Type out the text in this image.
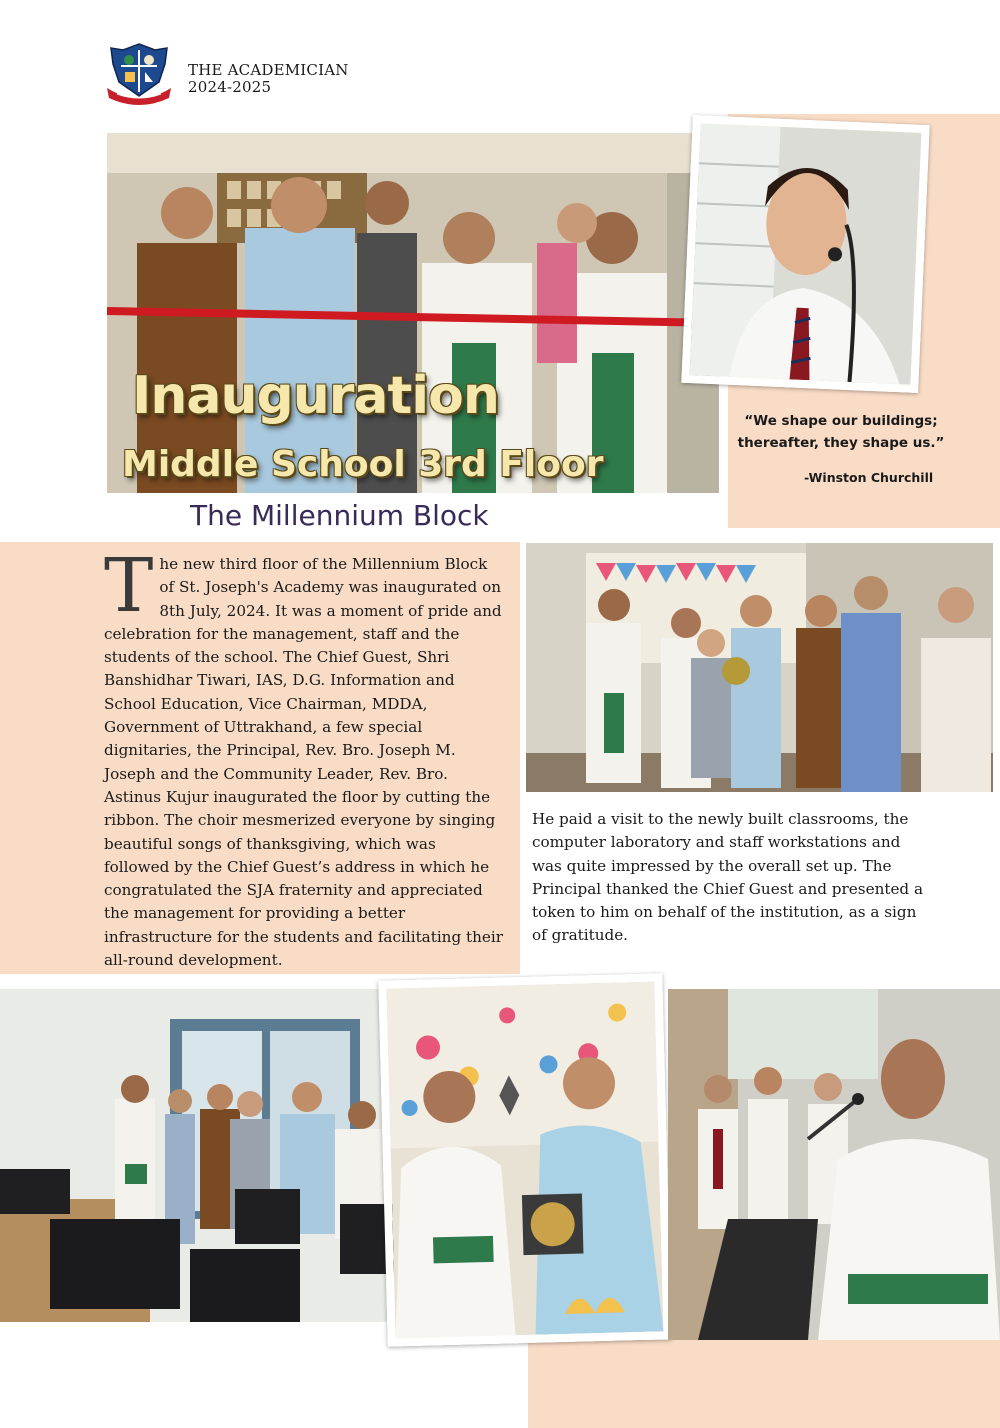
THE ACADEMICIAN
2024-2025
Inauguration
Middle School 3rd Floor
The Millennium Block
“We shape our buildings;
thereafter, they shape us.”
-Winston Churchill
The new third floor of the Millennium Block of St. Joseph's Academy was inaugurated on 8th July, 2024. It was a moment of pride and celebration for the management, staff and the students of the school. The Chief Guest, Shri Banshidhar Tiwari, IAS, D.G. Information and School Education, Vice Chairman, MDDA, Government of Uttrakhand, a few special dignitaries, the Principal, Rev. Bro. Joseph M. Joseph and the Community Leader, Rev. Bro. Astinus Kujur inaugurated the floor by cutting the ribbon. The choir mesmerized everyone by singing beautiful songs of thanksgiving, which was followed by the Chief Guest’s address in which he congratulated the SJA fraternity and appreciated the management for providing a better infrastructure for the students and facilitating their all-round development.
He paid a visit to the newly built classrooms, the computer laboratory and staff workstations and was quite impressed by the overall set up. The Principal thanked the Chief Guest and presented a token to him on behalf of the institution, as a sign of gratitude.
